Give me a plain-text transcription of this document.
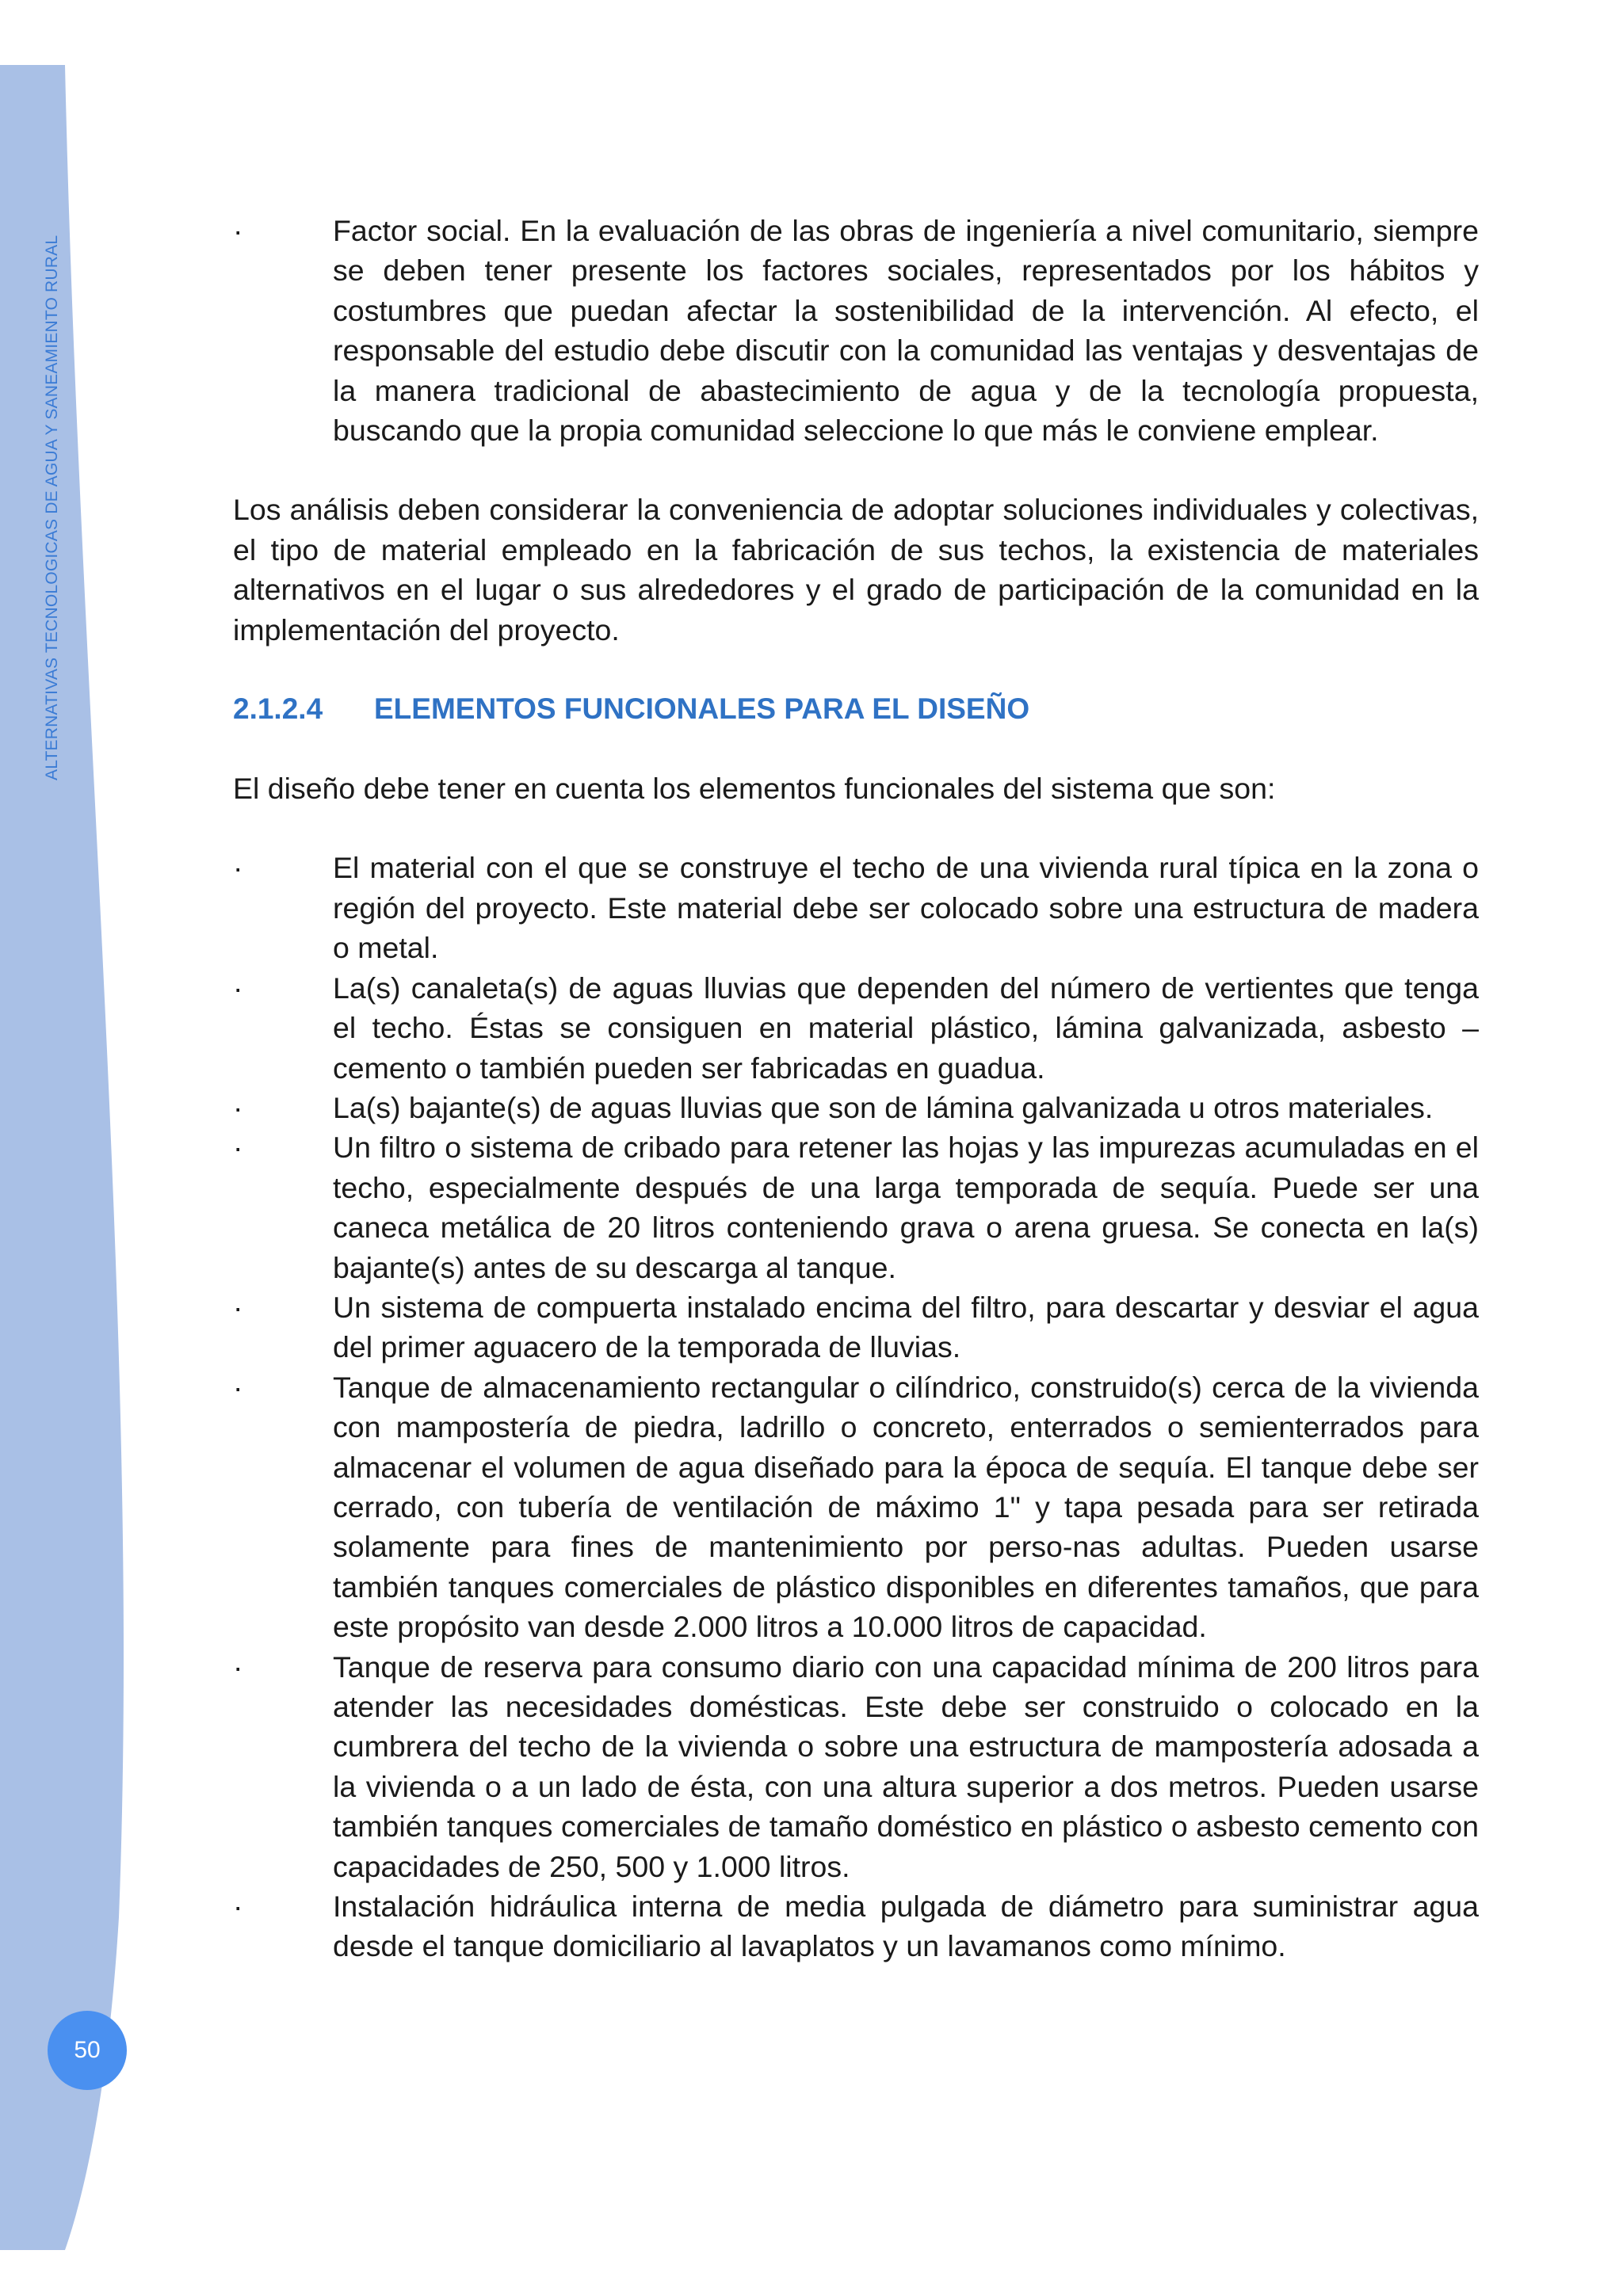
ALTERNATIVAS TECNOLOGICAS DE AGUA Y SANEAMIENTO RURAL
50
·	Factor social. En la evaluación de las obras de ingeniería a nivel comunitario, siempre se deben tener presente los factores sociales, representados por los hábitos y costumbres que puedan afectar la sostenibilidad de la intervención. Al efecto, el responsable del estudio debe discutir con la comunidad las ventajas y desventajas de la manera tradicional de abastecimiento de agua y de la tecnología propuesta, buscando que la propia comunidad seleccione lo que más le conviene emplear.

Los análisis deben considerar la conveniencia de adoptar soluciones individuales y colectivas, el tipo de material empleado en la fabricación de sus techos, la existencia de materiales alternativos en el lugar o sus alrededores y el grado de participación de la comunidad en la implementación del proyecto.

2.1.2.4 ELEMENTOS FUNCIONALES PARA EL DISEÑO

El diseño debe tener en cuenta los elementos funcionales del sistema que son:

·	El material con el que se construye el techo de una vivienda rural típica en la zona o región del proyecto. Este material debe ser colocado sobre una estructura de madera o metal.
·	La(s) canaleta(s) de aguas lluvias que dependen del número de vertientes que tenga el techo. Éstas se consiguen en material plástico, lámina galvanizada, asbesto – cemento o también pueden ser fabricadas en guadua.
·	La(s) bajante(s) de aguas lluvias que son de lámina galvanizada u otros materiales.
·	Un filtro o sistema de cribado para retener las hojas y las impurezas acumuladas en el techo, especialmente después de una larga temporada de sequía. Puede ser una caneca metálica de 20 litros conteniendo grava o arena gruesa. Se conecta en la(s) bajante(s) antes de su descarga al tanque.
·	Un sistema de compuerta instalado encima del filtro, para descartar y desviar el agua del primer aguacero de la temporada de lluvias.
·	Tanque de almacenamiento rectangular o cilíndrico, construido(s) cerca de la vivienda con mampostería de piedra, ladrillo o concreto, enterrados o semienterrados para almacenar el volumen de agua diseñado para la época de sequía. El tanque debe ser cerrado, con tubería de ventilación de máximo 1" y tapa pesada para ser retirada solamente para fines de mantenimiento por perso-nas adultas. Pueden usarse también tanques comerciales de plástico disponibles en diferentes tamaños, que para este propósito van desde 2.000 litros a 10.000 litros de capacidad.
·	Tanque de reserva para consumo diario con una capacidad mínima de 200 litros para atender las necesidades domésticas. Este debe ser construido o colocado en la cumbrera del techo de la vivienda o sobre una estructura de mampostería adosada a la vivienda o a un lado de ésta, con una altura superior a dos metros. Pueden usarse también tanques comerciales de tamaño doméstico en plástico o asbesto cemento con capacidades de 250, 500 y 1.000 litros.
·	Instalación hidráulica interna de media pulgada de diámetro para suministrar agua desde el tanque domiciliario al lavaplatos y un lavamanos como mínimo.
